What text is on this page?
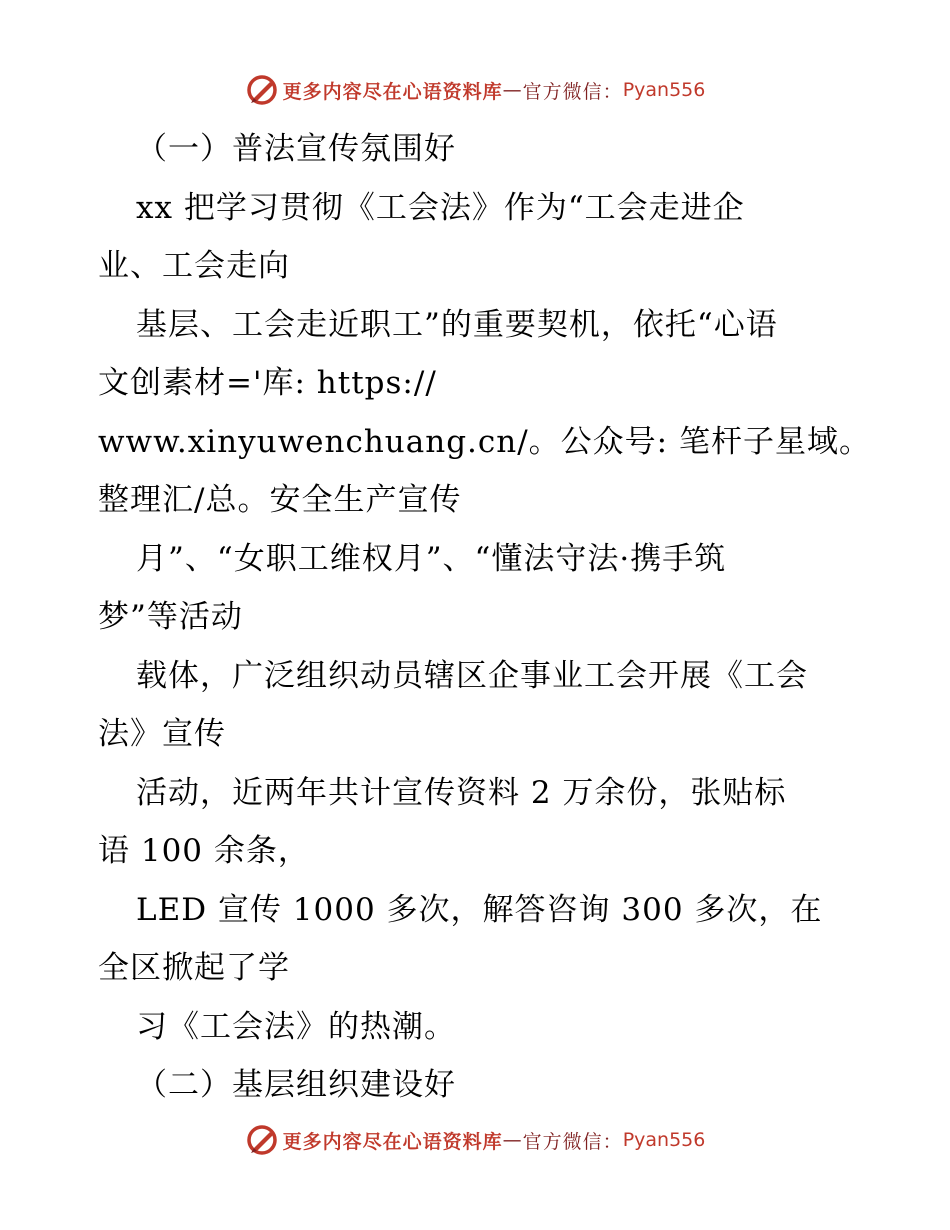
更多内容尽在心语资料库 — 官方微信： Pyan556
（一）普法宣传氛围好
xx 把学习贯彻《工会法》作为“工会走进企
业、工会走向
基层、工会走近职工”的重要契机，依托“心语
文创素材='库: https://
www.xinyuwenchuang.cn/。公众号: 笔杆子星域。
整理汇/总。安全生产宣传
月”、“女职工维权月”、“懂法守法·携手筑
梦”等活动
载体，广泛组织动员辖区企事业工会开展《工会
法》宣传
活动，近两年共计宣传资料 2 万余份，张贴标
语 100 余条，
LED 宣传 1000 多次，解答咨询 300 多次，在
全区掀起了学
习《工会法》的热潮。
（二）基层组织建设好
更多内容尽在心语资料库 — 官方微信： Pyan556
